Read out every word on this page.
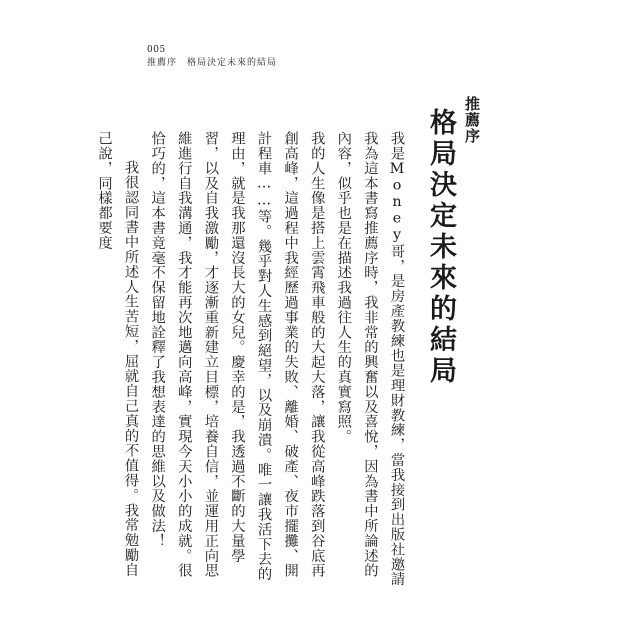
005
推薦序　格局決定未來的結局
推薦序
格局決定未來的結局

我是Money哥，是房產教練也是理財教練，當我接到出版社邀請我為這本書寫推薦序時，我非常的興奮以及喜悅，因為書中所論述的內容，似乎也是在描述我過往人生的真實寫照。

我的人生像是搭上雲霄飛車般的大起大落，讓我從高峰跌落到谷底再創高峰，這過程中我經歷過事業的失敗、離婚、破產、夜市擺攤、開計程車……等。幾乎對人生感到絕望，以及崩潰。唯一讓我活下去的理由，就是我那還沒長大的女兒。慶幸的是，我透過不斷的大量學習，以及自我激勵，才逐漸重新建立目標，培養自信，並運用正向思維進行自我溝通，我才能再次地邁向高峰，實現今天小小的成就。很恰巧的，這本書竟毫不保留地詮釋了我想表達的思維以及做法！

我很認同書中所述人生苦短，屈就自己真的不值得。我常勉勵自己說，同樣都要度
